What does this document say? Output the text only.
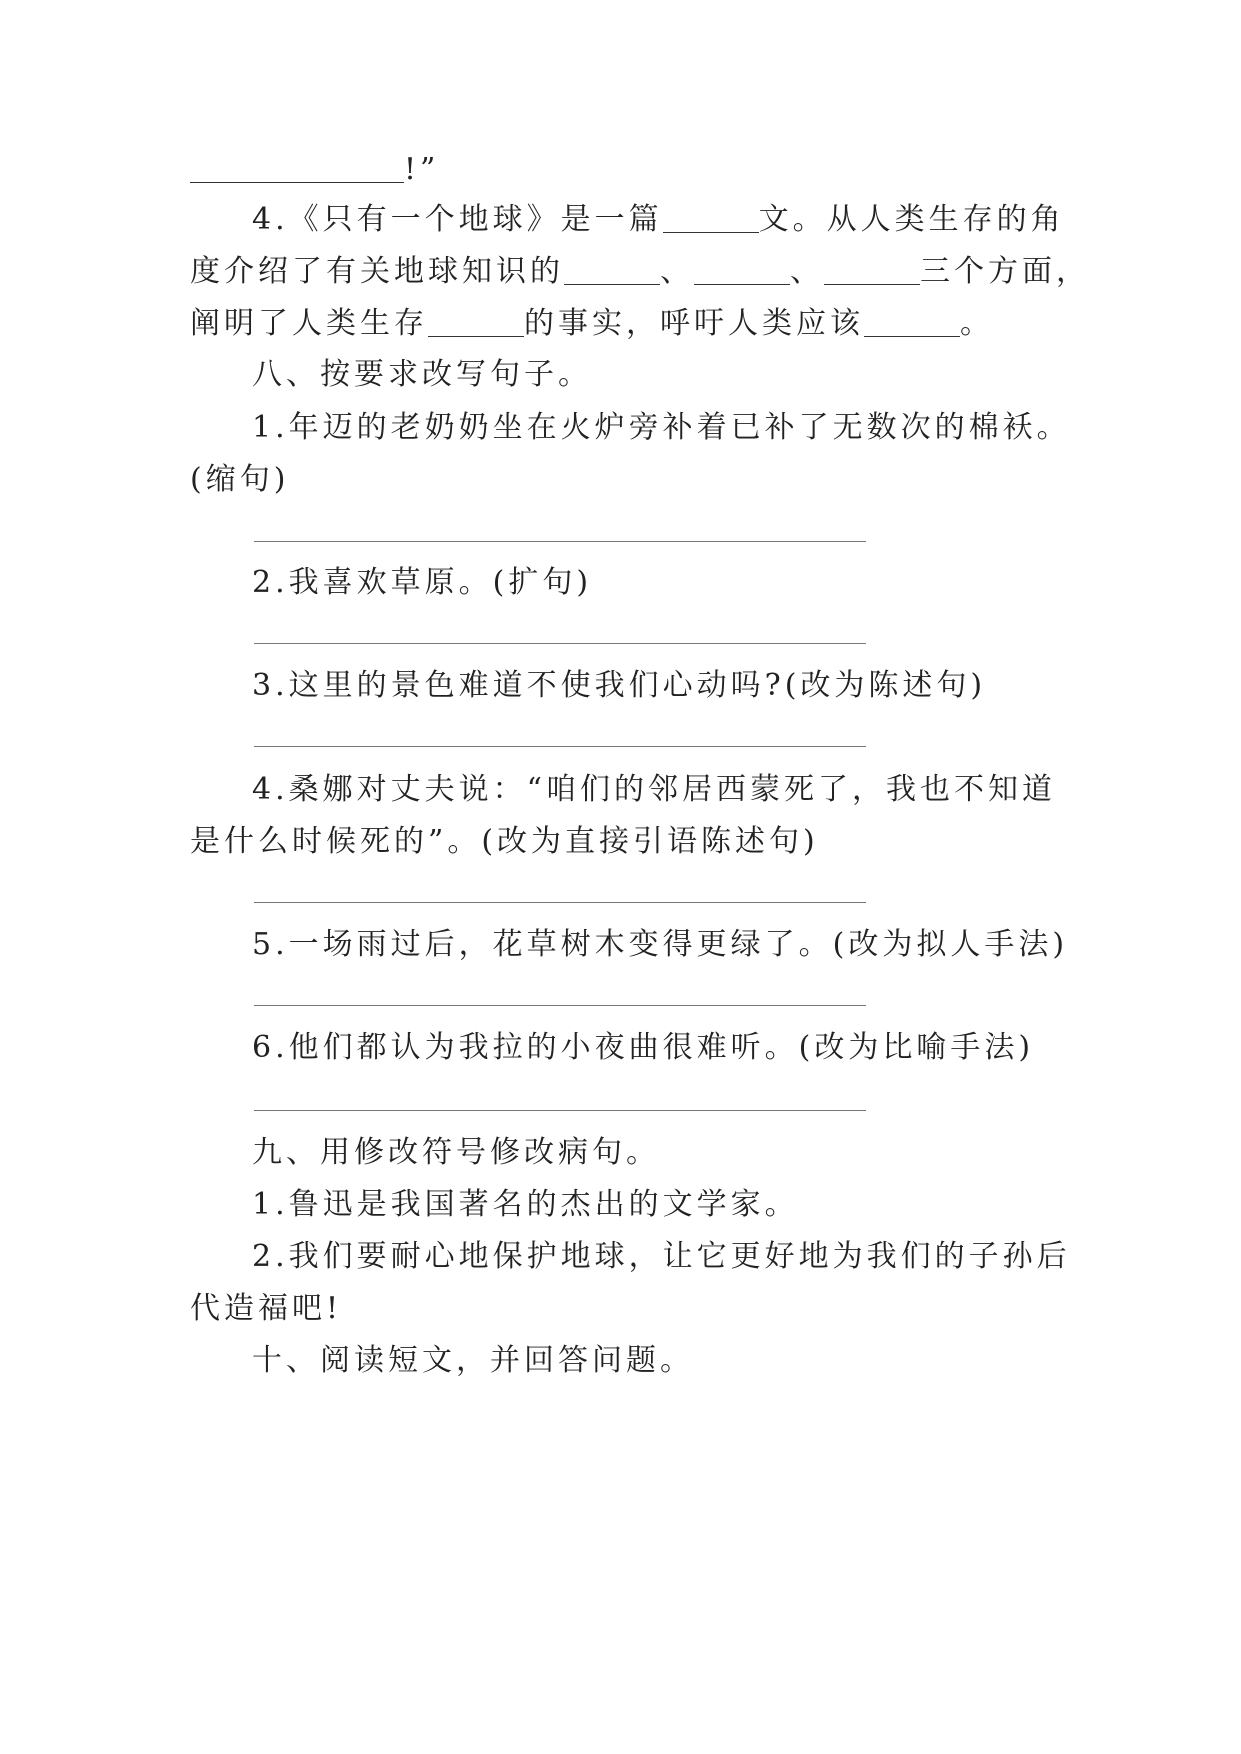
!”
4.《只有一个地球》是一篇	文。从人类生存的角
度介绍了有关地球知识的	、	、	三个方面，
阐明了人类生存	的事实，呼吁人类应该	。
八、按要求改写句子。
1.年迈的老奶奶坐在火炉旁补着已补了无数次的棉袄。
(缩句)
2.我喜欢草原。(扩句)
3.这里的景色难道不使我们心动吗?(改为陈述句)
4.桑娜对丈夫说：“咱们的邻居西蒙死了，我也不知道
是什么时候死的”。(改为直接引语陈述句)
5.一场雨过后，花草树木变得更绿了。(改为拟人手法)
6.他们都认为我拉的小夜曲很难听。(改为比喻手法)
九、用修改符号修改病句。
1.鲁迅是我国著名的杰出的文学家。
2.我们要耐心地保护地球，让它更好地为我们的子孙后
代造福吧!
十、阅读短文，并回答问题。
